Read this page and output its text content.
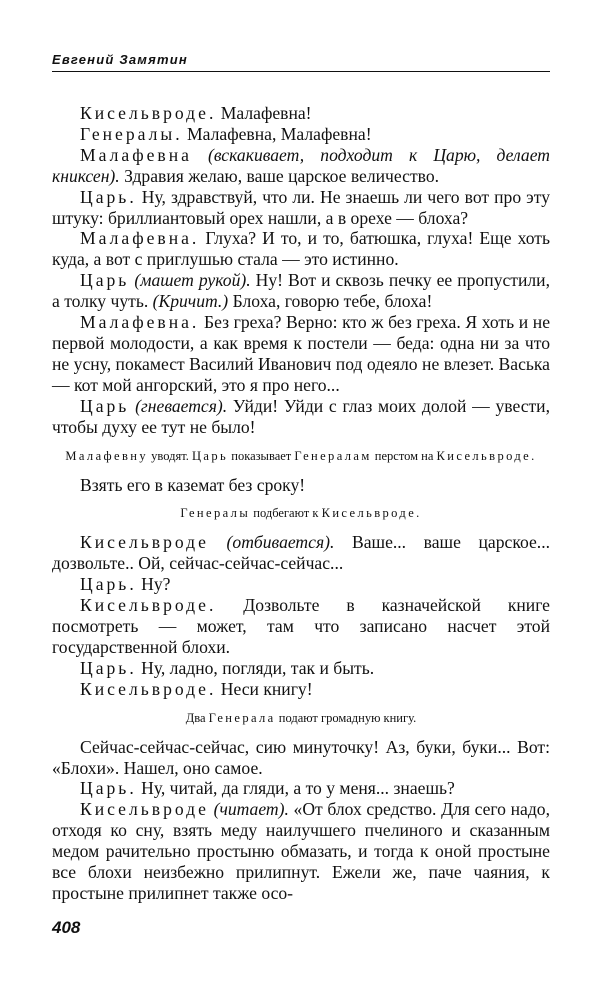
Евгений Замятин

Кисельвроде. Малафевна!

Генералы. Малафевна, Малафевна!

Малафевна (вскакивает, подходит к Царю, делает книксен). Здравия желаю, ваше царское величество.

Царь. Ну, здравствуй, что ли. Не знаешь ли чего вот про эту штуку: бриллиантовый орех нашли, а в орехе — блоха?

Малафевна. Глуха? И то, и то, батюшка, глуха! Еще хоть куда, а вот с приглушью стала — это истинно.

Царь (машет рукой). Ну! Вот и сквозь печку ее пропустили, а толку чуть. (Кричит.) Блоха, говорю тебе, блоха!

Малафевна. Без греха? Верно: кто ж без греха. Я хоть и не первой молодости, а как время к постели — беда: одна ни за что не усну, покамест Василий Иванович под одеяло не влезет. Васька — кот мой ангорский, это я про него...

Царь (гневается). Уйди! Уйди с глаз моих долой — увести, чтобы духу ее тут не было!

Малафевну уводят. Царь показывает Генералам перстом на Кисельвроде.

Взять его в каземат без сроку!

Генералы подбегают к Кисельвроде.

Кисельвроде (отбивается). Ваше... ваше царское... дозвольте.. Ой, сейчас-сейчас-сейчас...

Царь. Ну?

Кисельвроде. Дозвольте в казначейской книге посмотреть — может, там что записано насчет этой государственной блохи.

Царь. Ну, ладно, погляди, так и быть.

Кисельвроде. Неси книгу!

Два Генерала подают громадную книгу.

Сейчас-сейчас-сейчас, сию минуточку! Аз, буки, буки... Вот: «Блохи». Нашел, оно самое.

Царь. Ну, читай, да гляди, а то у меня... знаешь?

Кисельвроде (читает). «От блох средство. Для сего надо, отходя ко сну, взять меду наилучшего пчелиного и сказанным медом рачительно простыню обмазать, и тогда к оной простыне все блохи неизбежно прилипнут. Ежели же, паче чаяния, к простыне прилипнет также осо-

408
